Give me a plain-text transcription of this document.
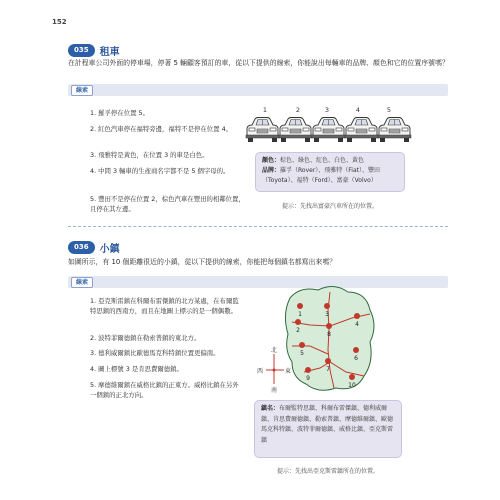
152
035	租車
在計程車公司外面的停車場，停著 5 輛顧客預訂的車，從以下提供的線索，你能說出每輛車的品牌、顏色和它的位置序號嗎？
線索
1. 羅孚停在位置 5。
2. 紅色汽車停在福特旁邊，福特不是停在位置 4。
3. 飛雅特是黃色，在位置 3 的車是白色。
4. 中間 3 輛車的生產商名字都不是 5 個字母的。
5. 豐田不是停在位置 2，棕色汽車在豐田的相鄰位置，且停在其左邊。
1	2	3	4	5
顏色：棕色、綠色、紅色、白色、黃色
品牌：羅孚（Rover）、飛雅特（Fiat）、豐田（Toyota）、福特（Ford）、富豪（Volvo）
提示：先找出富豪汽車所在的位置。
036	小鎮
如圖所示，有 10 個距離很近的小鎮，從以下提供的線索，你能把每個鎮名都寫出來嗎？
線索
1. 亞克斯雷鎮在科爾布雷傑鎮的北方某處，在布爾監特思鎮的西南方，而且在地圖上標示的是一個偶數。
2. 波特菲爾德鎮在勒索普鎮的東北方。
3. 德利威爾鎮比歐德馬克科特鎮位置更偏南。
4. 圖上標號 3 是肯思費爾德鎮。
5. 摩德維爾鎮在威格比鎮的正東方。威格比鎮在另外一個鎮的正北方向。
1
2
3
4
5
6
7
8
9
10
北
南
西	東
鎮名：布爾監特思鎮、科爾布雷傑鎮、德利威爾鎮、肯思費爾德鎮、勒索普鎮、摩德維爾鎮、歐德馬克科特鎮、波特菲爾德鎮、威格比鎮、亞克斯雷鎮
提示：先找出亞克斯雷鎮所在的位置。
